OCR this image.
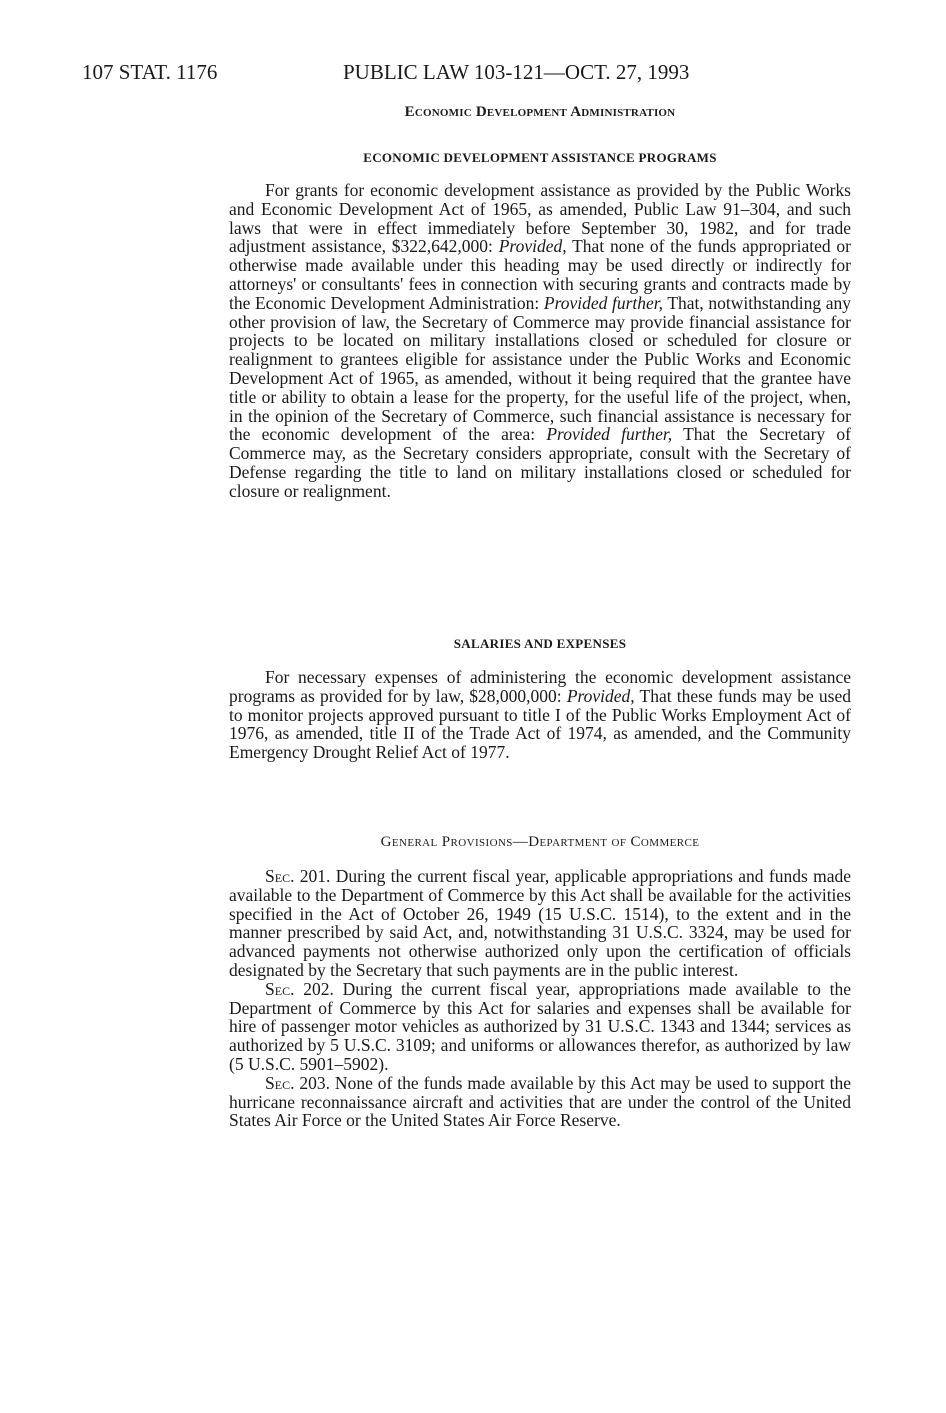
107 STAT. 1176	PUBLIC LAW 103-121—OCT. 27, 1993
Economic Development Administration
ECONOMIC DEVELOPMENT ASSISTANCE PROGRAMS

For grants for economic development assistance as provided by the Public Works and Economic Development Act of 1965, as amended, Public Law 91–304, and such laws that were in effect immediately before September 30, 1982, and for trade adjustment assistance, $322,642,000: Provided, That none of the funds appropriated or otherwise made available under this heading may be used directly or indirectly for attorneys' or consultants' fees in connection with securing grants and contracts made by the Economic Development Administration: Provided further, That, notwithstanding any other provision of law, the Secretary of Commerce may provide financial assistance for projects to be located on military installations closed or scheduled for closure or realignment to grantees eligible for assistance under the Public Works and Economic Development Act of 1965, as amended, without it being required that the grantee have title or ability to obtain a lease for the property, for the useful life of the project, when, in the opinion of the Secretary of Commerce, such financial assistance is necessary for the economic development of the area: Provided further, That the Secretary of Commerce may, as the Secretary considers appropriate, consult with the Secretary of Defense regarding the title to land on military installations closed or scheduled for closure or realignment.

SALARIES AND EXPENSES

For necessary expenses of administering the economic development assistance programs as provided for by law, $28,000,000: Provided, That these funds may be used to monitor projects approved pursuant to title I of the Public Works Employment Act of 1976, as amended, title II of the Trade Act of 1974, as amended, and the Community Emergency Drought Relief Act of 1977.

General Provisions—Department of Commerce

Sec. 201. During the current fiscal year, applicable appropriations and funds made available to the Department of Commerce by this Act shall be available for the activities specified in the Act of October 26, 1949 (15 U.S.C. 1514), to the extent and in the manner prescribed by said Act, and, notwithstanding 31 U.S.C. 3324, may be used for advanced payments not otherwise authorized only upon the certification of officials designated by the Secretary that such payments are in the public interest.

Sec. 202. During the current fiscal year, appropriations made available to the Department of Commerce by this Act for salaries and expenses shall be available for hire of passenger motor vehicles as authorized by 31 U.S.C. 1343 and 1344; services as authorized by 5 U.S.C. 3109; and uniforms or allowances therefor, as authorized by law (5 U.S.C. 5901–5902).

Sec. 203. None of the funds made available by this Act may be used to support the hurricane reconnaissance aircraft and activities that are under the control of the United States Air Force or the United States Air Force Reserve.
